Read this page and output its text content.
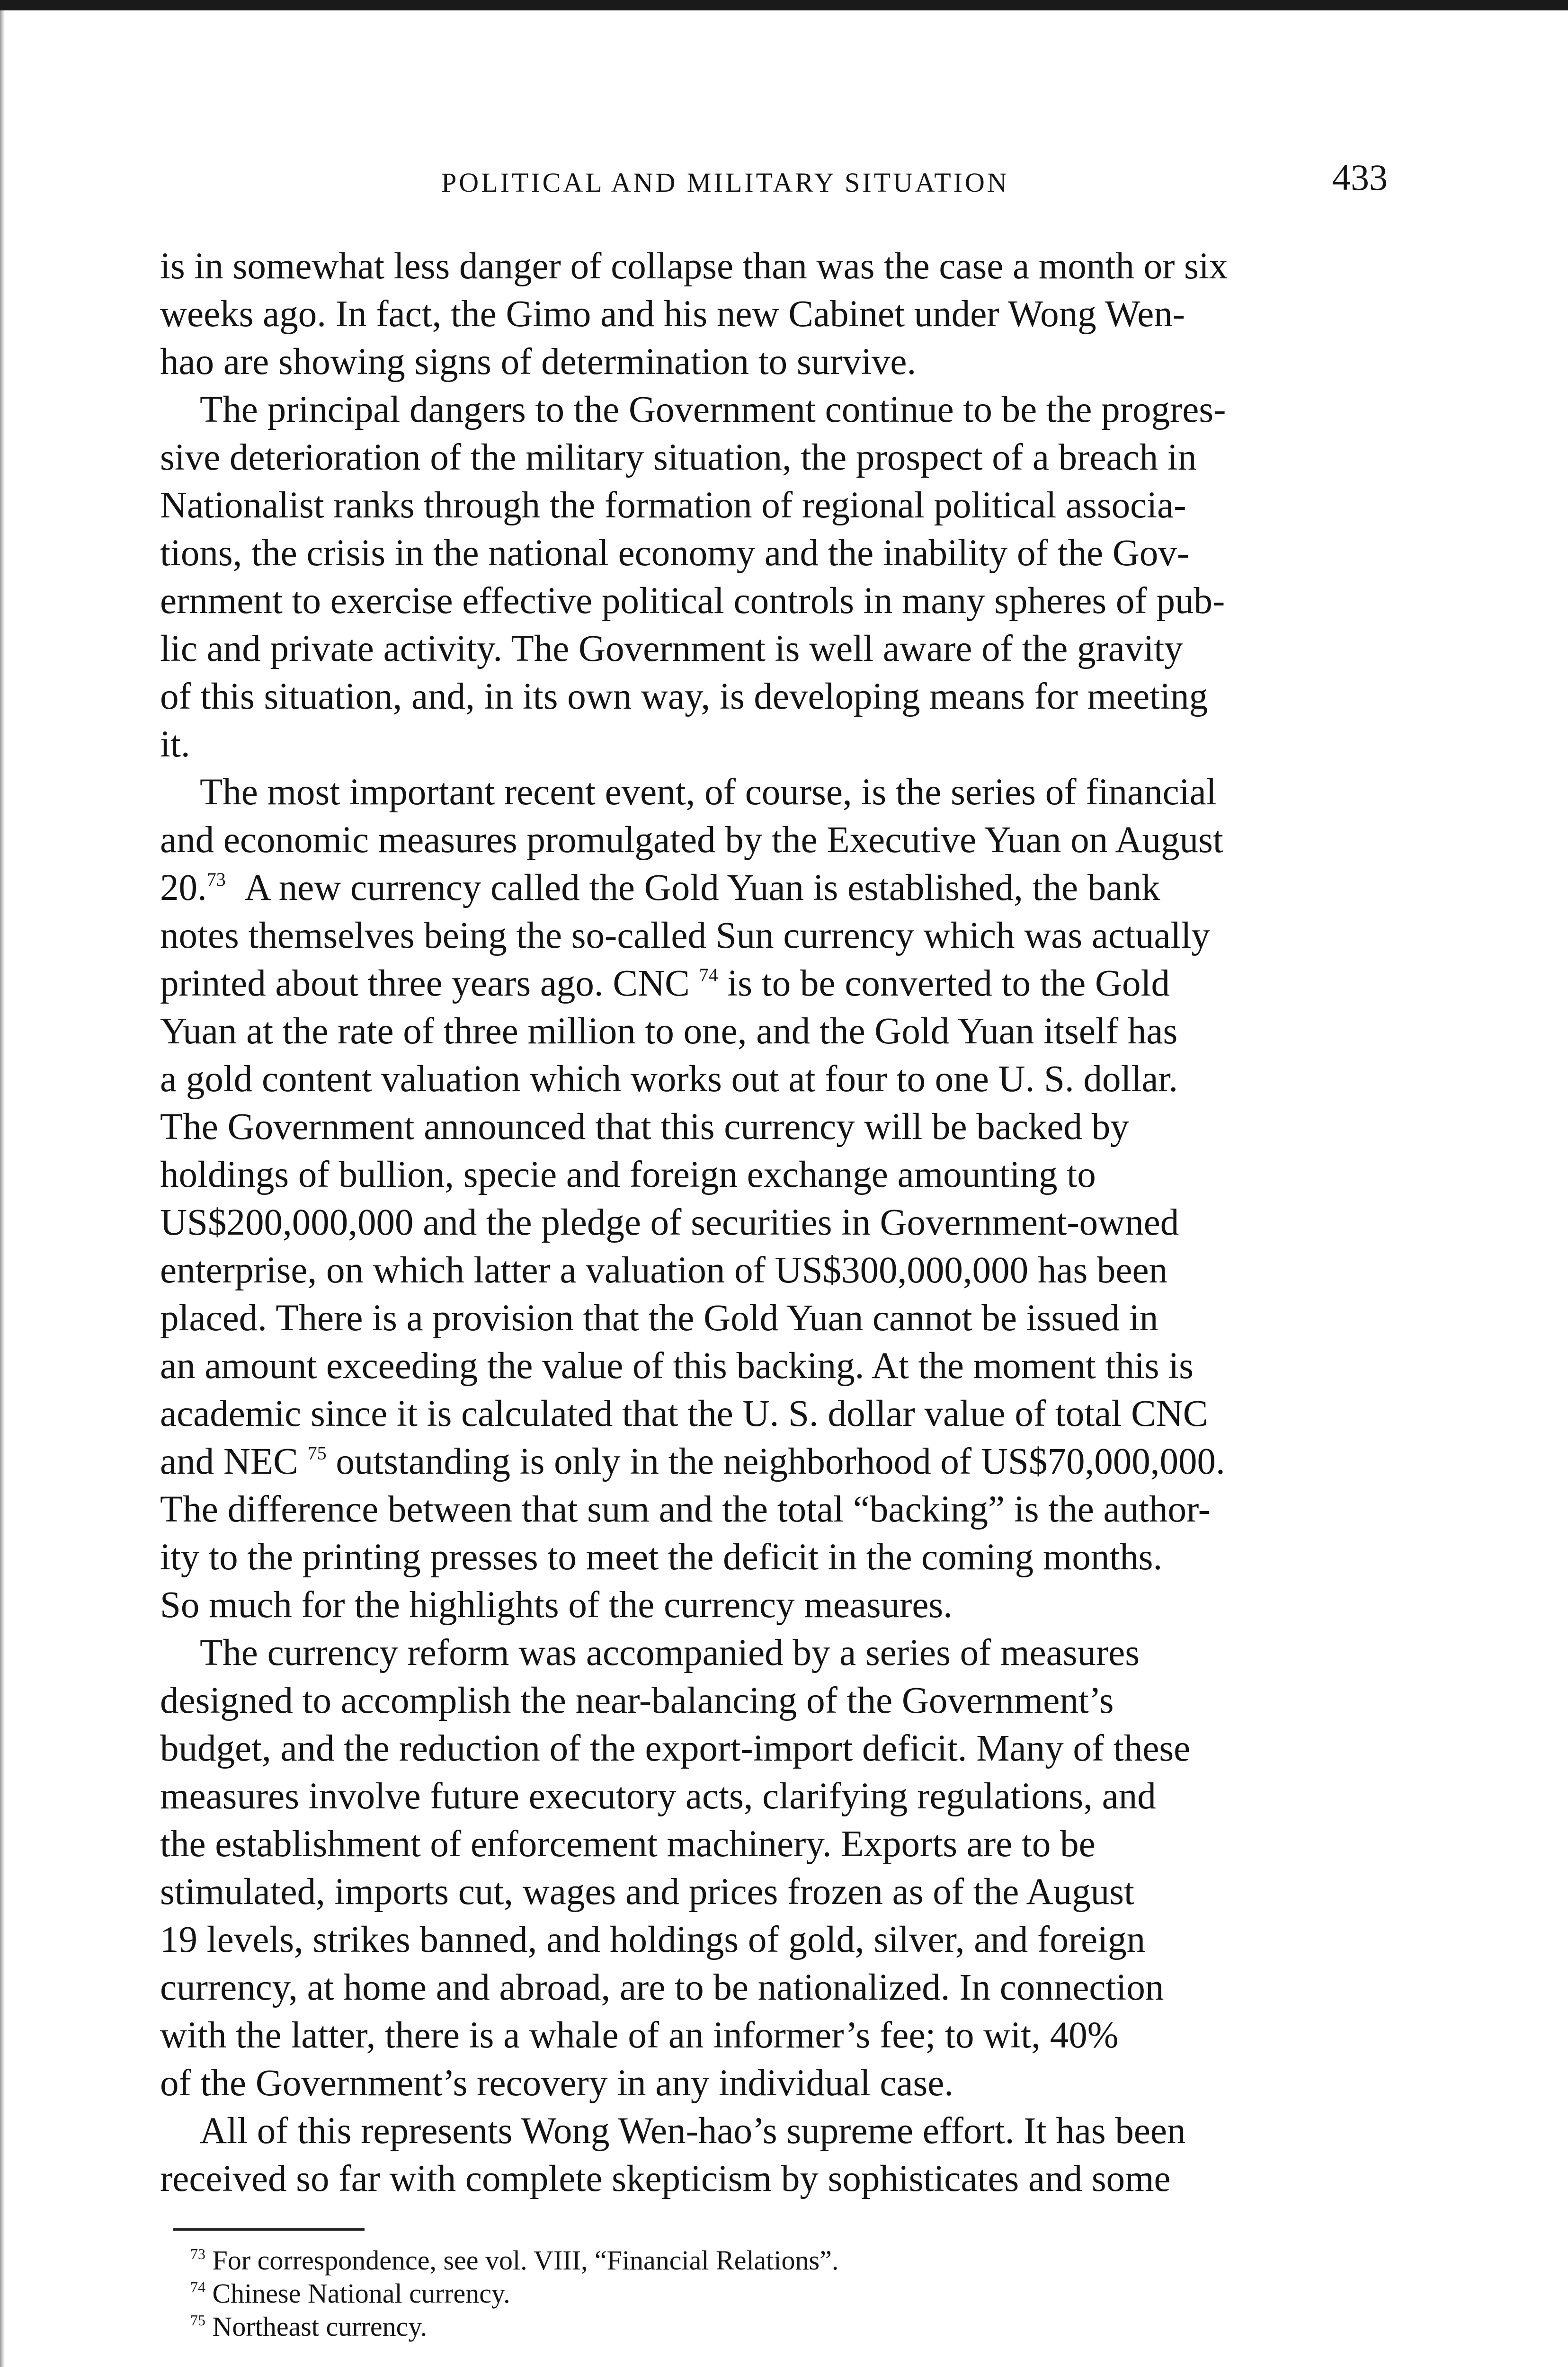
POLITICAL AND MILITARY SITUATION	433
is in somewhat less danger of collapse than was the case a month or six
weeks ago. In fact, the Gimo and his new Cabinet under Wong Wen-
hao are showing signs of determination to survive.
The principal dangers to the Government continue to be the progres-
sive deterioration of the military situation, the prospect of a breach in
Nationalist ranks through the formation of regional political associa-
tions, the crisis in the national economy and the inability of the Gov-
ernment to exercise effective political controls in many spheres of pub-
lic and private activity. The Government is well aware of the gravity
of this situation, and, in its own way, is developing means for meeting
it.
The most important recent event, of course, is the series of financial
and economic measures promulgated by the Executive Yuan on August
20.73  A new currency called the Gold Yuan is established, the bank
notes themselves being the so-called Sun currency which was actually
printed about three years ago. CNC $^{74}$ is to be converted to the Gold
Yuan at the rate of three million to one, and the Gold Yuan itself has
a gold content valuation which works out at four to one U. S. dollar.
The Government announced that this currency will be backed by
holdings of bullion, specie and foreign exchange amounting to
US$200,000,000 and the pledge of securities in Government-owned
enterprise, on which latter a valuation of US$300,000,000 has been
placed. There is a provision that the Gold Yuan cannot be issued in
an amount exceeding the value of this backing. At the moment this is
academic since it is calculated that the U. S. dollar value of total CNC
and NEC $^{75}$ outstanding is only in the neighborhood of US$70,000,000.
The difference between that sum and the total “backing” is the author-
ity to the printing presses to meet the deficit in the coming months.
So much for the highlights of the currency measures.
The currency reform was accompanied by a series of measures
designed to accomplish the near-balancing of the Government’s
budget, and the reduction of the export-import deficit. Many of these
measures involve future executory acts, clarifying regulations, and
the establishment of enforcement machinery. Exports are to be
stimulated, imports cut, wages and prices frozen as of the August
19 levels, strikes banned, and holdings of gold, silver, and foreign
currency, at home and abroad, are to be nationalized. In connection
with the latter, there is a whale of an informer’s fee; to wit, 40%
of the Government’s recovery in any individual case.
All of this represents Wong Wen-hao’s supreme effort. It has been
received so far with complete skepticism by sophisticates and some
$^{73}$ For correspondence, see vol. VIII, “Financial Relations”.
$^{74}$ Chinese National currency.
$^{75}$ Northeast currency.
